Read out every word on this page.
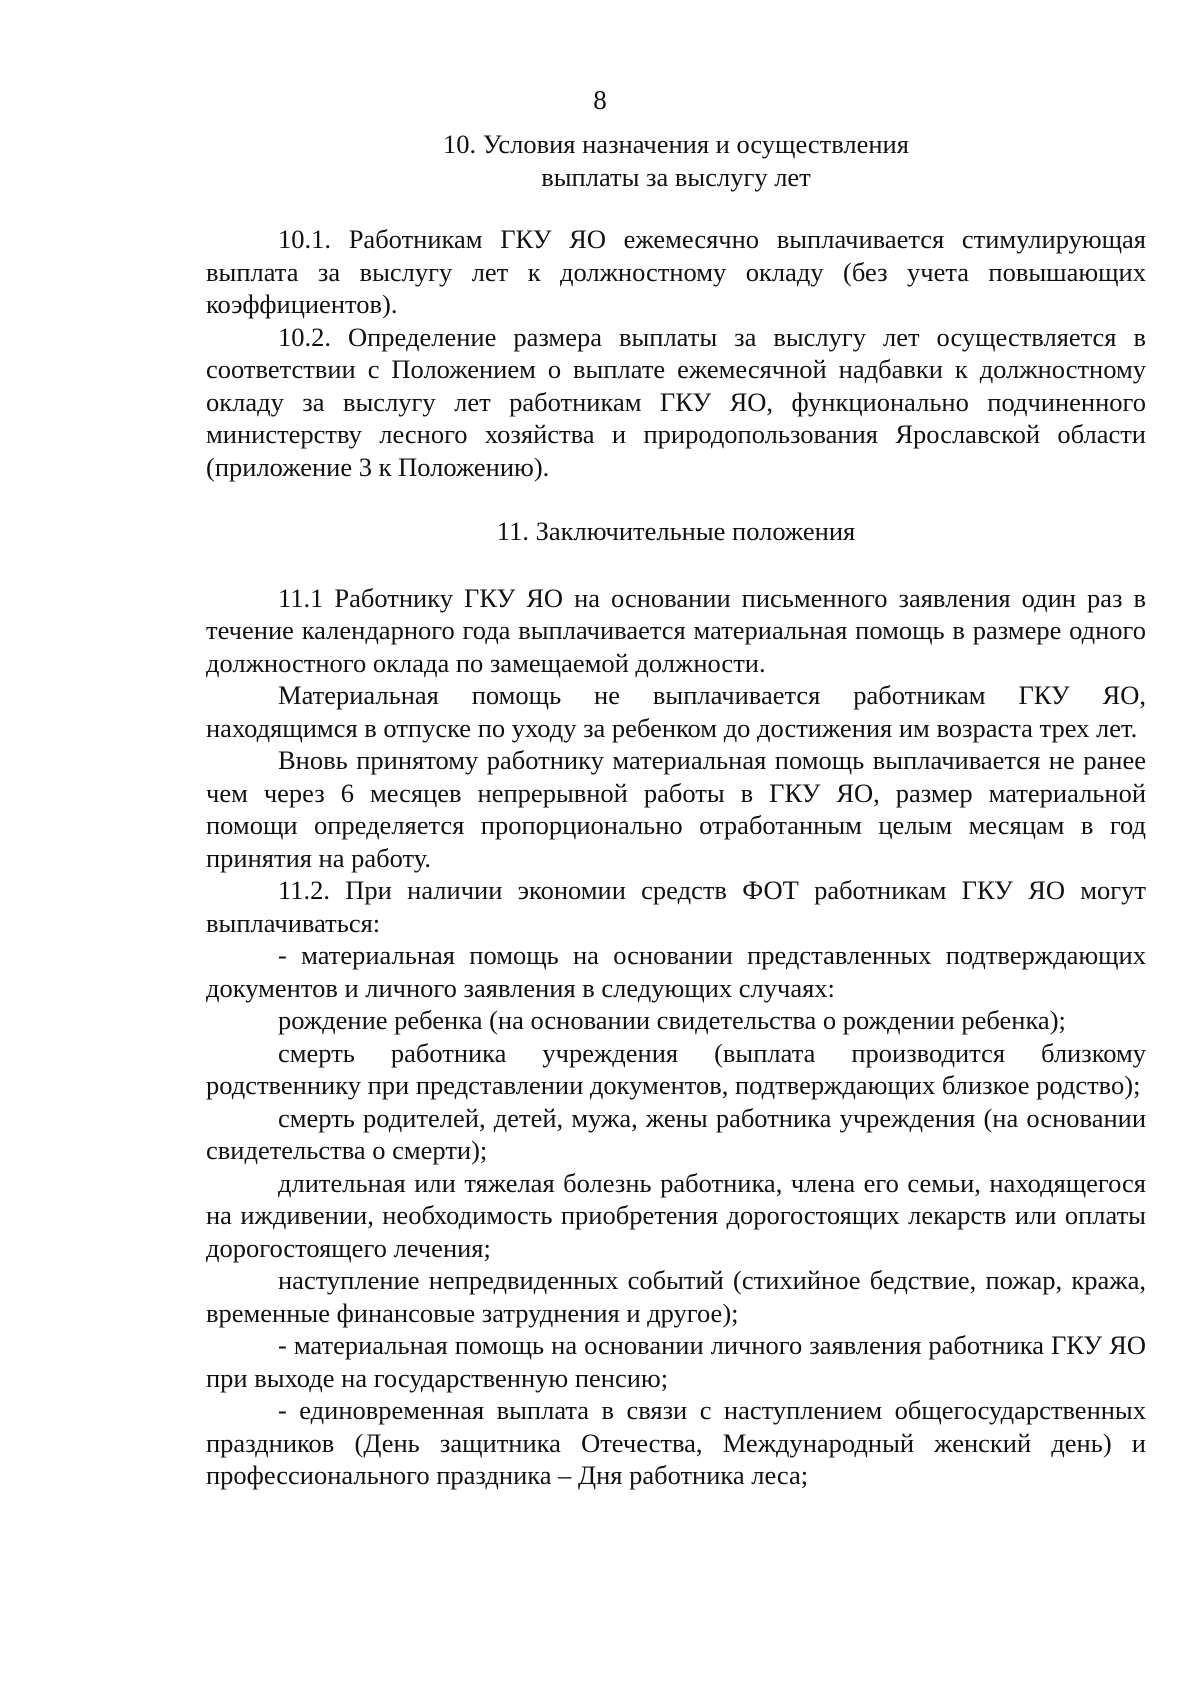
8
10. Условия назначения и осуществления
выплаты за выслугу лет

10.1. Работникам ГКУ ЯО ежемесячно выплачивается стимулирующая выплата за выслугу лет к должностному окладу (без учета повышающих коэффициентов).

10.2. Определение размера выплаты за выслугу лет осуществляется в соответствии с Положением о выплате ежемесячной надбавки к должностному окладу за выслугу лет работникам ГКУ ЯО, функционально подчиненного министерству лесного хозяйства и природопользования Ярославской области (приложение 3 к Положению).

11. Заключительные положения

11.1 Работнику ГКУ ЯО на основании письменного заявления один раз в течение календарного года выплачивается материальная помощь в размере одного должностного оклада по замещаемой должности.

Материальная помощь не выплачивается работникам ГКУ ЯО, находящимся в отпуске по уходу за ребенком до достижения им возраста трех лет.

Вновь принятому работнику материальная помощь выплачивается не ранее чем через 6 месяцев непрерывной работы в ГКУ ЯО, размер материальной помощи определяется пропорционально отработанным целым месяцам в год принятия на работу.

11.2. При наличии экономии средств ФОТ работникам ГКУ ЯО могут выплачиваться:

- материальная помощь на основании представленных подтверждающих документов и личного заявления в следующих случаях:

рождение ребенка (на основании свидетельства о рождении ребенка);

смерть работника учреждения (выплата производится близкому родственнику при представлении документов, подтверждающих близкое родство);

смерть родителей, детей, мужа, жены работника учреждения (на основании свидетельства о смерти);

длительная или тяжелая болезнь работника, члена его семьи, находящегося на иждивении, необходимость приобретения дорогостоящих лекарств или оплаты дорогостоящего лечения;

наступление непредвиденных событий (стихийное бедствие, пожар, кража, временные финансовые затруднения и другое);

- материальная помощь на основании личного заявления работника ГКУ ЯО при выходе на государственную пенсию;

- единовременная выплата в связи с наступлением общегосударственных праздников (День защитника Отечества, Международный женский день) и профессионального праздника – Дня работника леса;
